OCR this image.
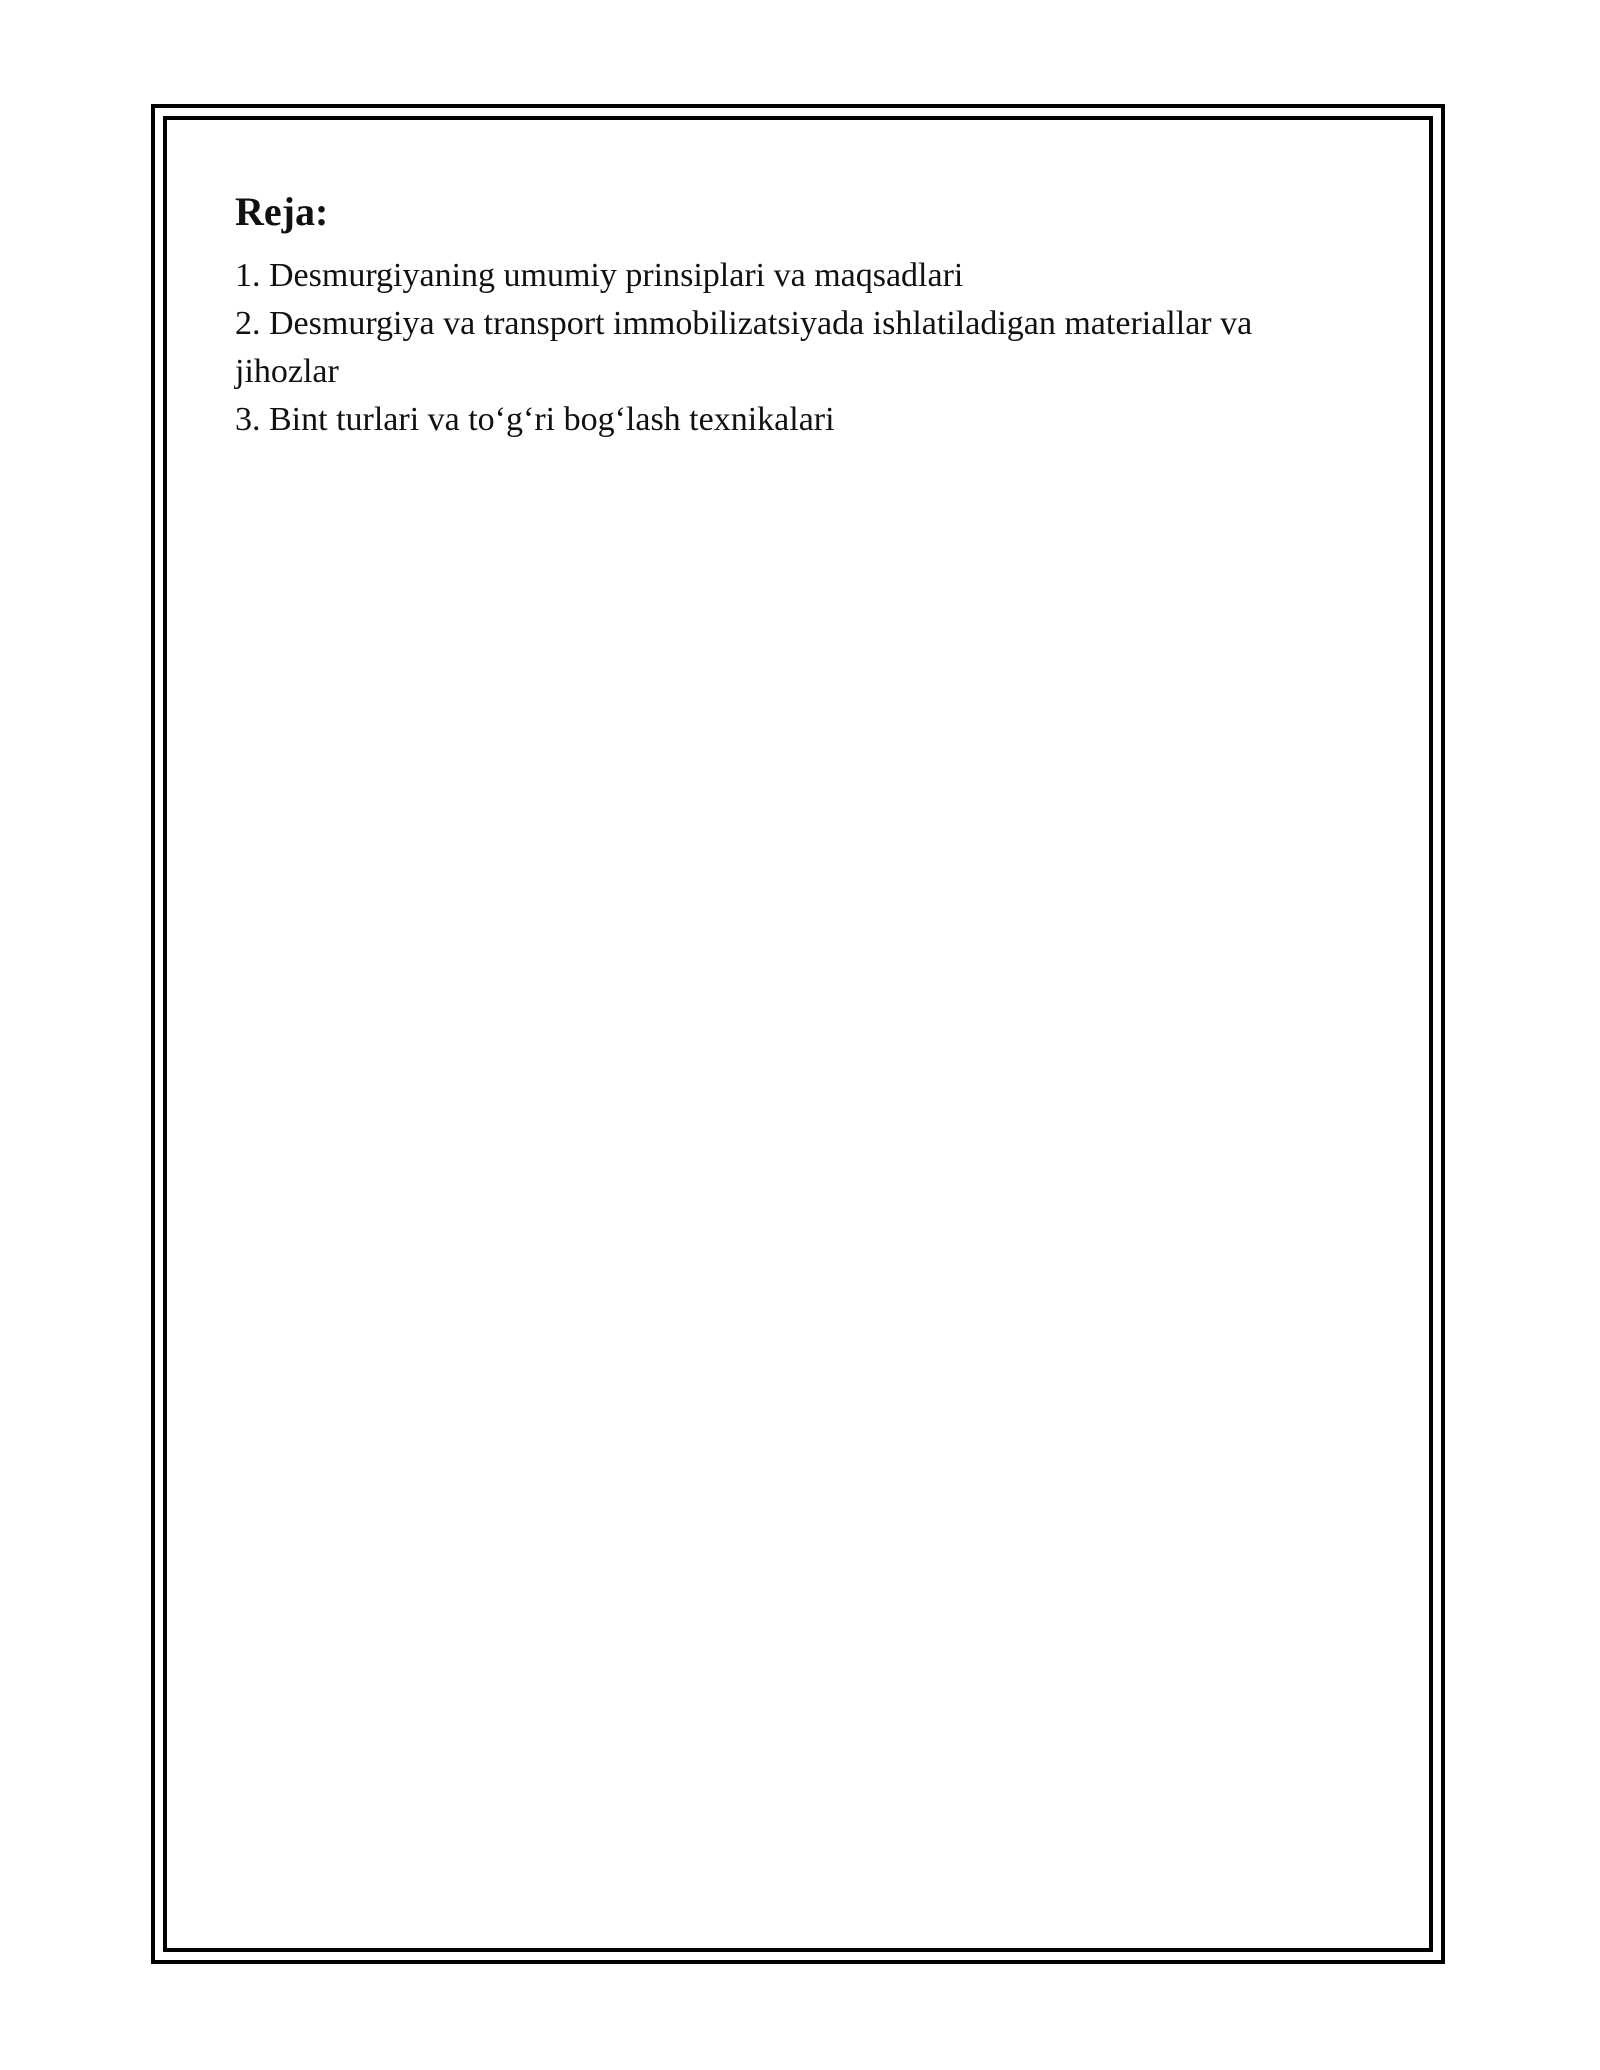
Reja:
1. Desmurgiyaning umumiy prinsiplari va maqsadlari
2. Desmurgiya va transport immobilizatsiyada ishlatiladigan materiallar va jihozlar
3. Bint turlari va to‘g‘ri bog‘lash texnikalari
